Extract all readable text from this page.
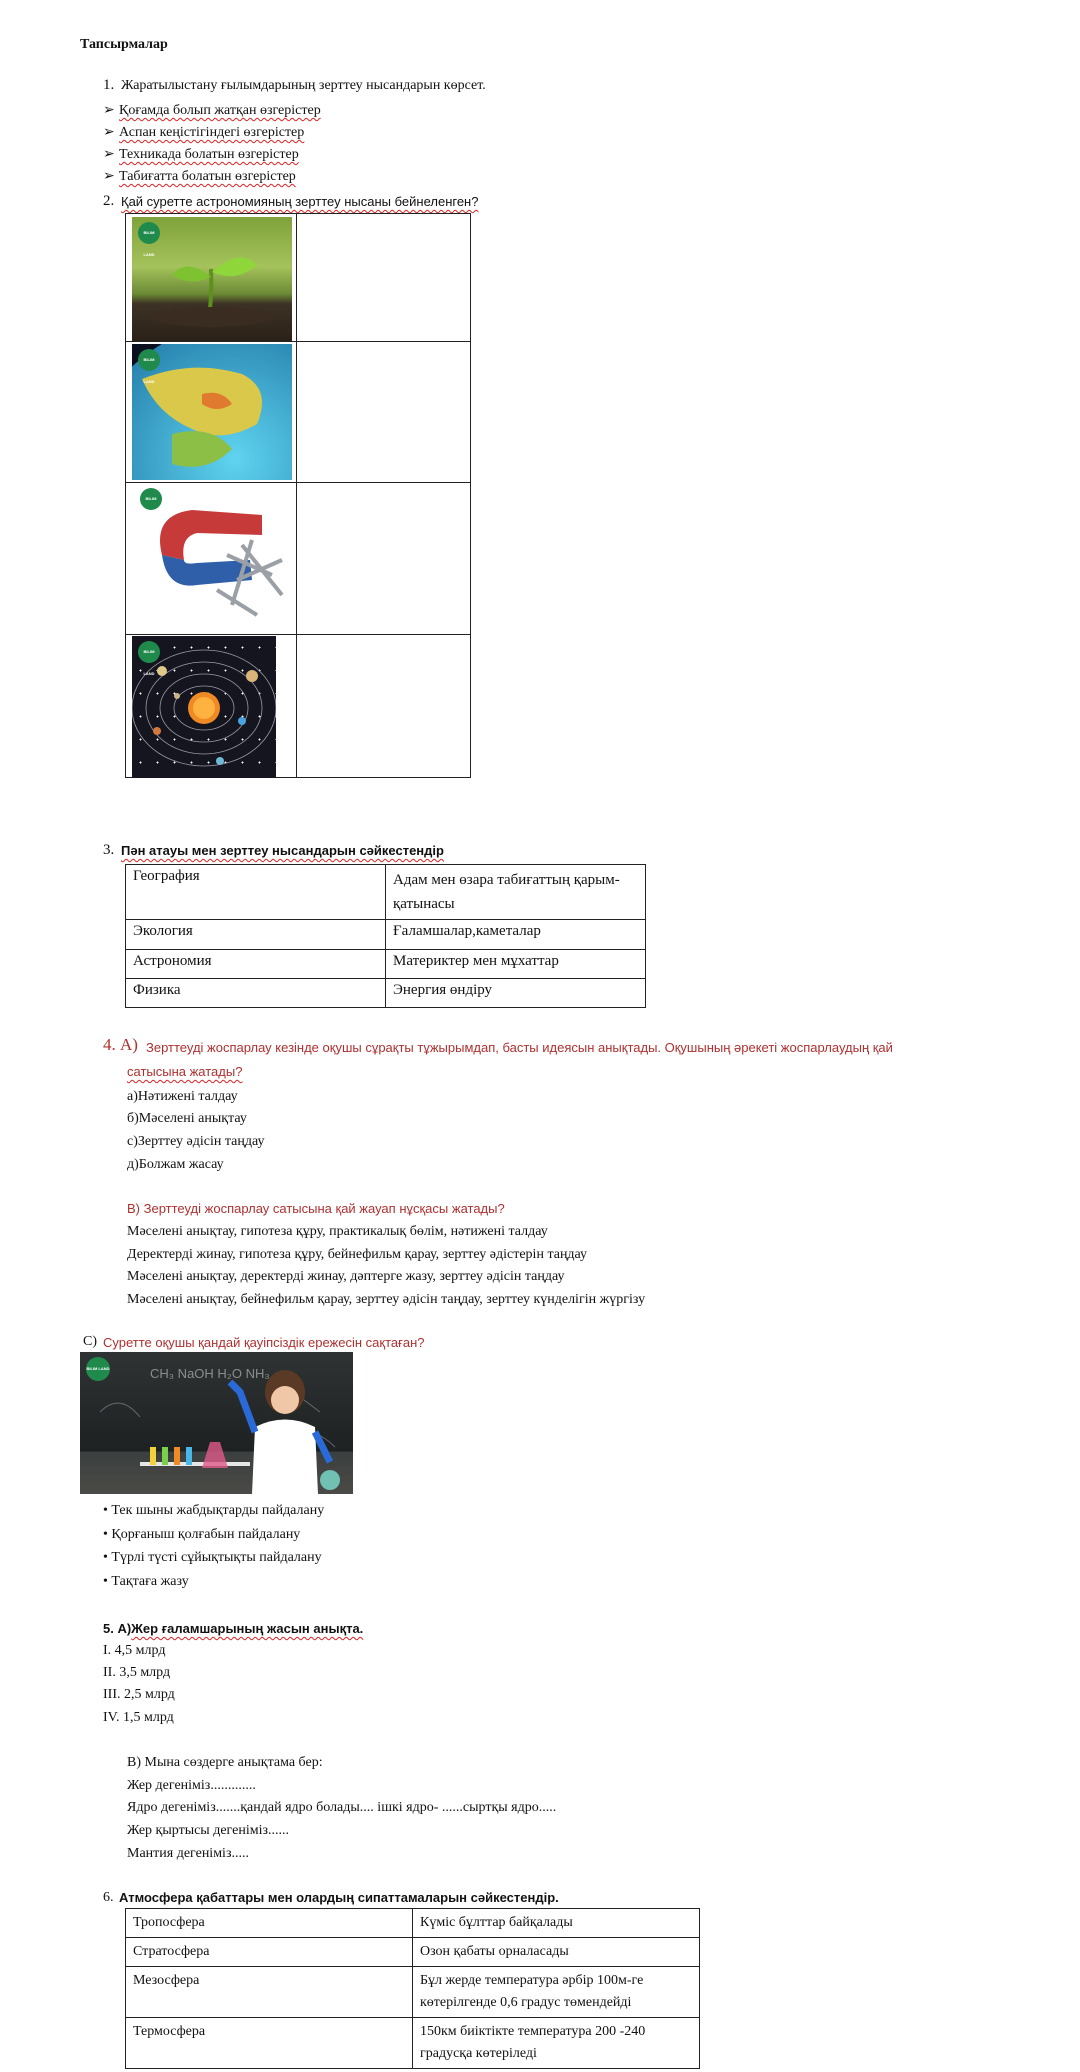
Тапсырмалар
1. Жаратылыстану ғылымдарының зерттеу нысандарын көрсет.
➢ Қоғамда болып жатқан өзгерістер
➢ Аспан кеңістігіндегі өзгерістер
➢ Техникада болатын өзгерістер
➢ Табиғатта болатын өзгерістер
2. Қай суретте астрономияның зерттеу нысаны бейнеленген?

BILIM LAND
BILIM LAND
BILIM LAND
BILIM LAND
3. Пән атауы мен зерттеу нысандарын сәйкестендір
География	Адам мен өзара табиғаттың қарым-қатынасы
Экология	Ғаламшалар,каметалар
Астрономия	Материктер мен мұхаттар
Физика	Энергия өндіру
4. А) Зерттеуді жоспарлау кезінде оқушы сұрақты тұжырымдап, басты идеясын анықтады. Оқушының әрекеті жоспарлаудың қай
сатысына жатады?
а)Нәтижені талдау
б)Мәселені анықтау
с)Зерттеу әдісін таңдау
д)Болжам жасау
В) Зерттеуді жоспарлау сатысына қай жауап нұсқасы жатады?
Мәселені анықтау, гипотеза құру, практикалық бөлім, нәтижені талдау
Деректерді жинау, гипотеза құру, бейнефильм қарау, зерттеу әдістерін таңдау
Мәселені анықтау, деректерді жинау, дәптерге жазу, зерттеу әдісін таңдау
Мәселені анықтау, бейнефильм қарау, зерттеу әдісін таңдау, зерттеу күнделігін жүргізу
С) Суретте оқушы қандай қауіпсіздік ережесін сақтаған?
CH₃ NaOH H₂O NH₃
BILIM LAND
• Тек шыны жабдықтарды пайдалану
• Қорғаныш қолғабын пайдалану
• Түрлі түсті сұйықтықты пайдалану
• Тақтаға жазу
5. А)Жер ғаламшарының жасын анықта.
I. 4,5 млрд
II. 3,5 млрд
III. 2,5 млрд
IV. 1,5 млрд
В) Мына сөздерге анықтама бер:
Жер дегеніміз.............
Ядро дегеніміз.......қандай ядро болады.... ішкі ядро- ......сыртқы ядро.....
Жер қыртысы дегеніміз......
Мантия дегеніміз.....
6. Атмосфера қабаттары мен олардың сипаттамаларын сәйкестендір.
Тропосфера	Күміс бұлттар байқалады
Стратосфера	Озон қабаты орналасады
Мезосфера	Бұл жерде температура әрбір 100м-ге көтерілгенде 0,6 градус төмендейді
Термосфера	150км биіктікте температура 200 -240 градусқа көтеріледі
